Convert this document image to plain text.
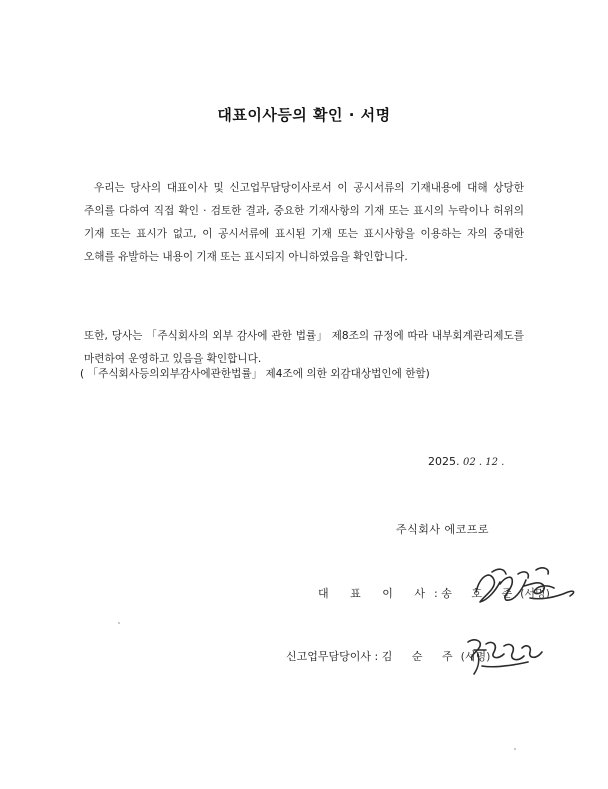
대표이사등의 확인 · 서명

우리는 당사의 대표이사 및 신고업무담당이사로서 이 공시서류의 기재내용에 대해 상당한 주의를 다하여 직접 확인 · 검토한 결과, 중요한 기재사항의 기재 또는 표시의 누락이나 허위의 기재 또는 표시가 없고, 이 공시서류에 표시된 기재 또는 표시사항을 이용하는 자의 중대한 오해를 유발하는 내용이 기재 또는 표시되지 아니하였음을 확인합니다.

또한, 당사는 「주식회사의 외부 감사에 관한 법률」 제8조의 규정에 따라 내부회계관리제도를 마련하여 운영하고 있음을 확인합니다.

( 「주식회사등의외부감사에관한법률」 제4조에 의한 외감대상법인에 한함)
2025. 02 . 12 .
주식회사 에코프로
대 표 이 사: 송 호 준(서명)
신고업무담당이사 : 김 순 주(서명)
